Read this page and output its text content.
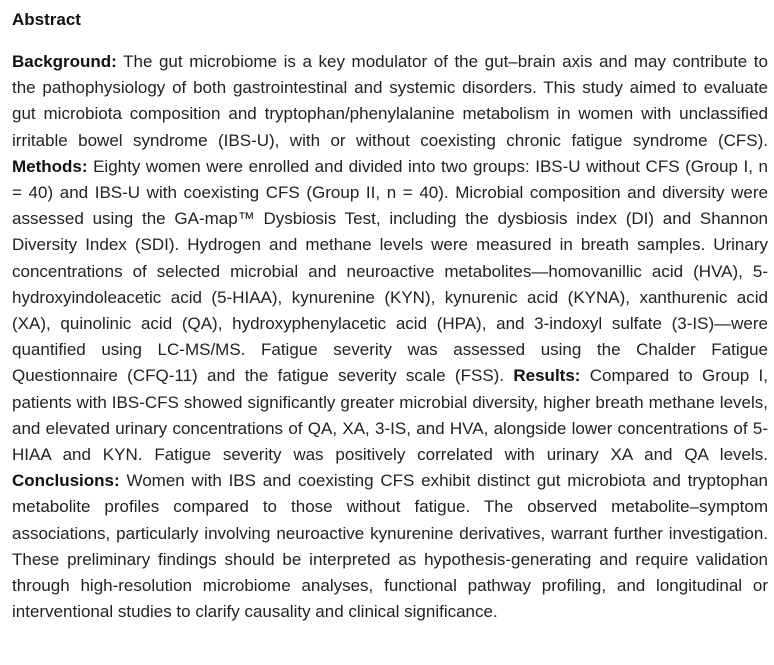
Abstract

Background: The gut microbiome is a key modulator of the gut–brain axis and may contribute to the pathophysiology of both gastrointestinal and systemic disorders. This study aimed to evaluate gut microbiota composition and tryptophan/phenylalanine metabolism in women with unclassified irritable bowel syndrome (IBS-U), with or without coexisting chronic fatigue syndrome (CFS). Methods: Eighty women were enrolled and divided into two groups: IBS-U without CFS (Group I, n = 40) and IBS-U with coexisting CFS (Group II, n = 40). Microbial composition and diversity were assessed using the GA-map™ Dysbiosis Test, including the dysbiosis index (DI) and Shannon Diversity Index (SDI). Hydrogen and methane levels were measured in breath samples. Urinary concentrations of selected microbial and neuroactive metabolites—homovanillic acid (HVA), 5-hydroxyindoleacetic acid (5-HIAA), kynurenine (KYN), kynurenic acid (KYNA), xanthurenic acid (XA), quinolinic acid (QA), hydroxyphenylacetic acid (HPA), and 3-indoxyl sulfate (3-IS)—were quantified using LC-MS/MS. Fatigue severity was assessed using the Chalder Fatigue Questionnaire (CFQ-11) and the fatigue severity scale (FSS). Results: Compared to Group I, patients with IBS-CFS showed significantly greater microbial diversity, higher breath methane levels, and elevated urinary concentrations of QA, XA, 3-IS, and HVA, alongside lower concentrations of 5-HIAA and KYN. Fatigue severity was positively correlated with urinary XA and QA levels. Conclusions: Women with IBS and coexisting CFS exhibit distinct gut microbiota and tryptophan metabolite profiles compared to those without fatigue. The observed metabolite–symptom associations, particularly involving neuroactive kynurenine derivatives, warrant further investigation. These preliminary findings should be interpreted as hypothesis-generating and require validation through high-resolution microbiome analyses, functional pathway profiling, and longitudinal or interventional studies to clarify causality and clinical significance.
